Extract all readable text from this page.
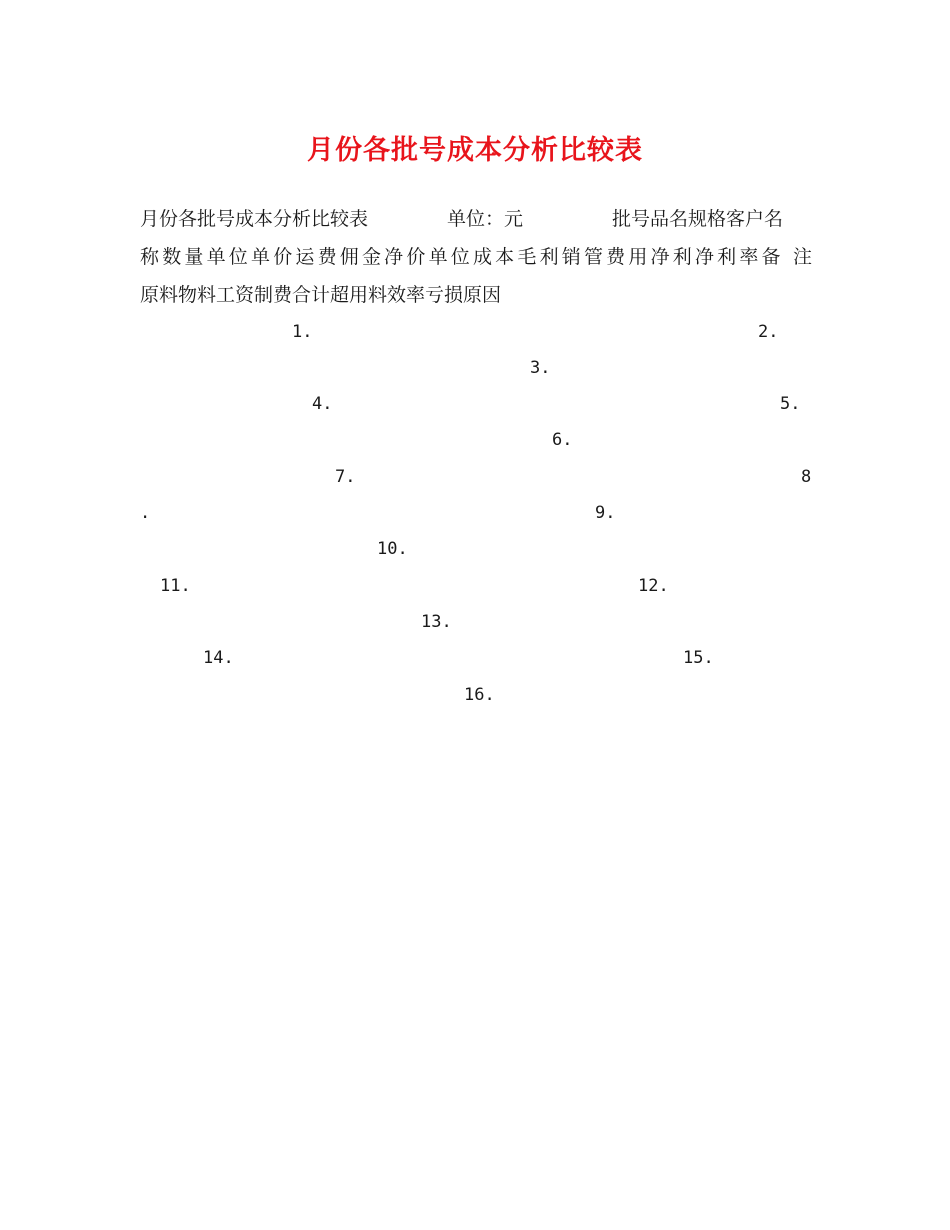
月份各批号成本分析比较表
月份各批号成本分析比较表	单位：元	批号品名规格客户名
称数量单位单价运费佣金净价单位成本毛利销管费用净利净利率备 注
原料物料工资制费合计超用料效率亏损原因
1.	2.
3.
4.	5.
6.
7.	8
.	9.
10.
11.	12.
13.
14.	15.
16.
